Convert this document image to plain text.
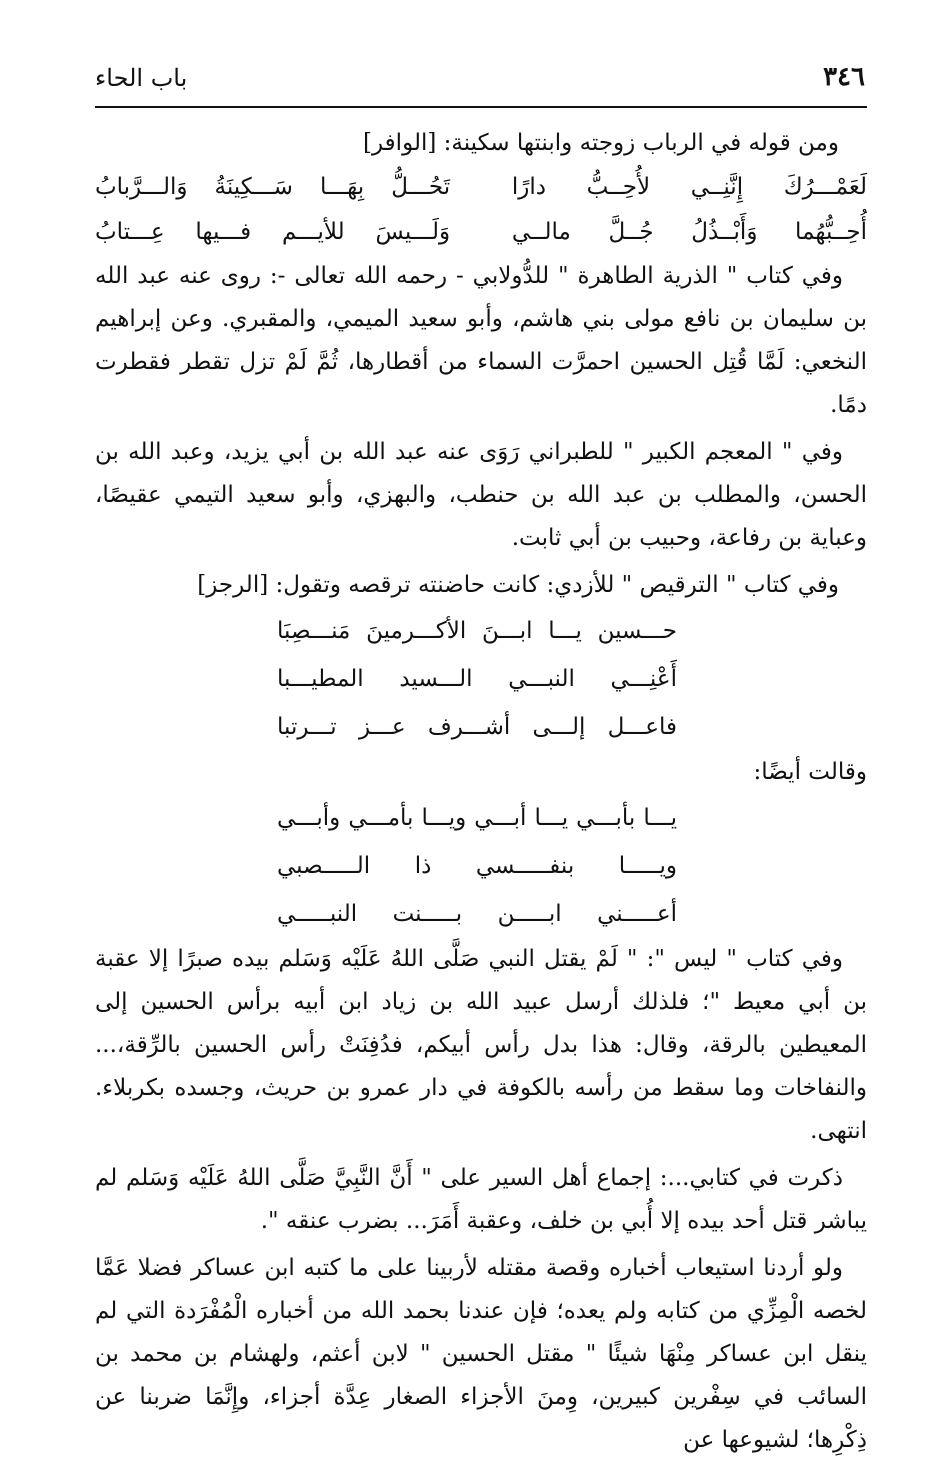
٣٤٦
باب الحاء

ومن قوله في الرباب زوجته وابنتها سكينة: [الوافر]

لَعَمْـــرُكَ إِنَّنِــي لأُحِــبُّ دارًا
تَحُـــلُّ بِهَـــا سَـــكِينَةُ وَالـــرَّبابُ
أُحِــبُّهُما وَأَبْــذُلُ جُــلَّ مالــي
وَلَـــيسَ للأيـــم فـــيها عِـــتابُ

وفي كتاب " الذرية الطاهرة " للدُّولابي - رحمه الله تعالى -: روى عنه عبد الله بن سليمان بن نافع مولى بني هاشم، وأبو سعيد الميمي، والمقبري. وعن إبراهيم النخعي: لَمَّا قُتِل الحسين احمرَّت السماء من أقطارها، ثُمَّ لَمْ تزل تقطر فقطرت دمًا.

وفي " المعجم الكبير " للطبراني رَوَى عنه عبد الله بن أبي يزيد، وعبد الله بن الحسن، والمطلب بن عبد الله بن حنطب، والبهزي، وأبو سعيد التيمي عقيصًا، وعباية بن رفاعة، وحبيب بن أبي ثابت.

وفي كتاب " الترقيص " للأزدي: كانت حاضنته ترقصه وتقول: [الرجز]

حـــسين يـــا ابـــنَ الأكـــرمينَ مَنـــصِبَا
أَعْنِـــي النبـــي الـــسيد المطيـــبا
فاعـــل إلـــى أشـــرف عـــز تـــرتبا

وقالت أيضًا:

يـــا بأبـــي يـــا أبـــي ويـــا بأمـــي وأبـــي
ويـــــا بنفـــــسي ذا الـــــصبي
أعـــــني ابـــــن بـــــنت النبـــــي

وفي كتاب " ليس ": " لَمْ يقتل النبي صَلَّى اللهُ عَلَيْه وَسَلم بيده صبرًا إلا عقبة بن أبي معيط "؛ فلذلك أرسل عبيد الله بن زياد ابن أبيه برأس الحسين إلى المعيطين بالرقة، وقال: هذا بدل رأس أبيكم، فدُفِنَتْ رأس الحسين بالرِّقة،... والنفاخات وما سقط من رأسه بالكوفة في دار عمرو بن حريث، وجسده بكربلاء. انتهى.

ذكرت في كتابي...: إجماع أهل السير على " أَنَّ النَّبِيَّ صَلَّى اللهُ عَلَيْه وَسَلم لم يباشر قتل أحد بيده إلا أُبي بن خلف، وعقبة أَمَرَ... بضرب عنقه ".

ولو أردنا استيعاب أخباره وقصة مقتله لأربينا على ما كتبه ابن عساكر فضلا عَمَّا لخصه الْمِزِّي من كتابه ولم يعده؛ فإن عندنا بحمد الله من أخباره الْمُفْرَدة التي لم ينقل ابن عساكر مِنْهَا شيئًا " مقتل الحسين " لابن أعثم، ولهشام بن محمد بن السائب في سِفْرين كبيرين، وِمنَ الأجزاء الصغار عِدَّة أجزاء، وإِنَّمَا ضربنا عن ذِكْرِها؛ لشيوعها عن
